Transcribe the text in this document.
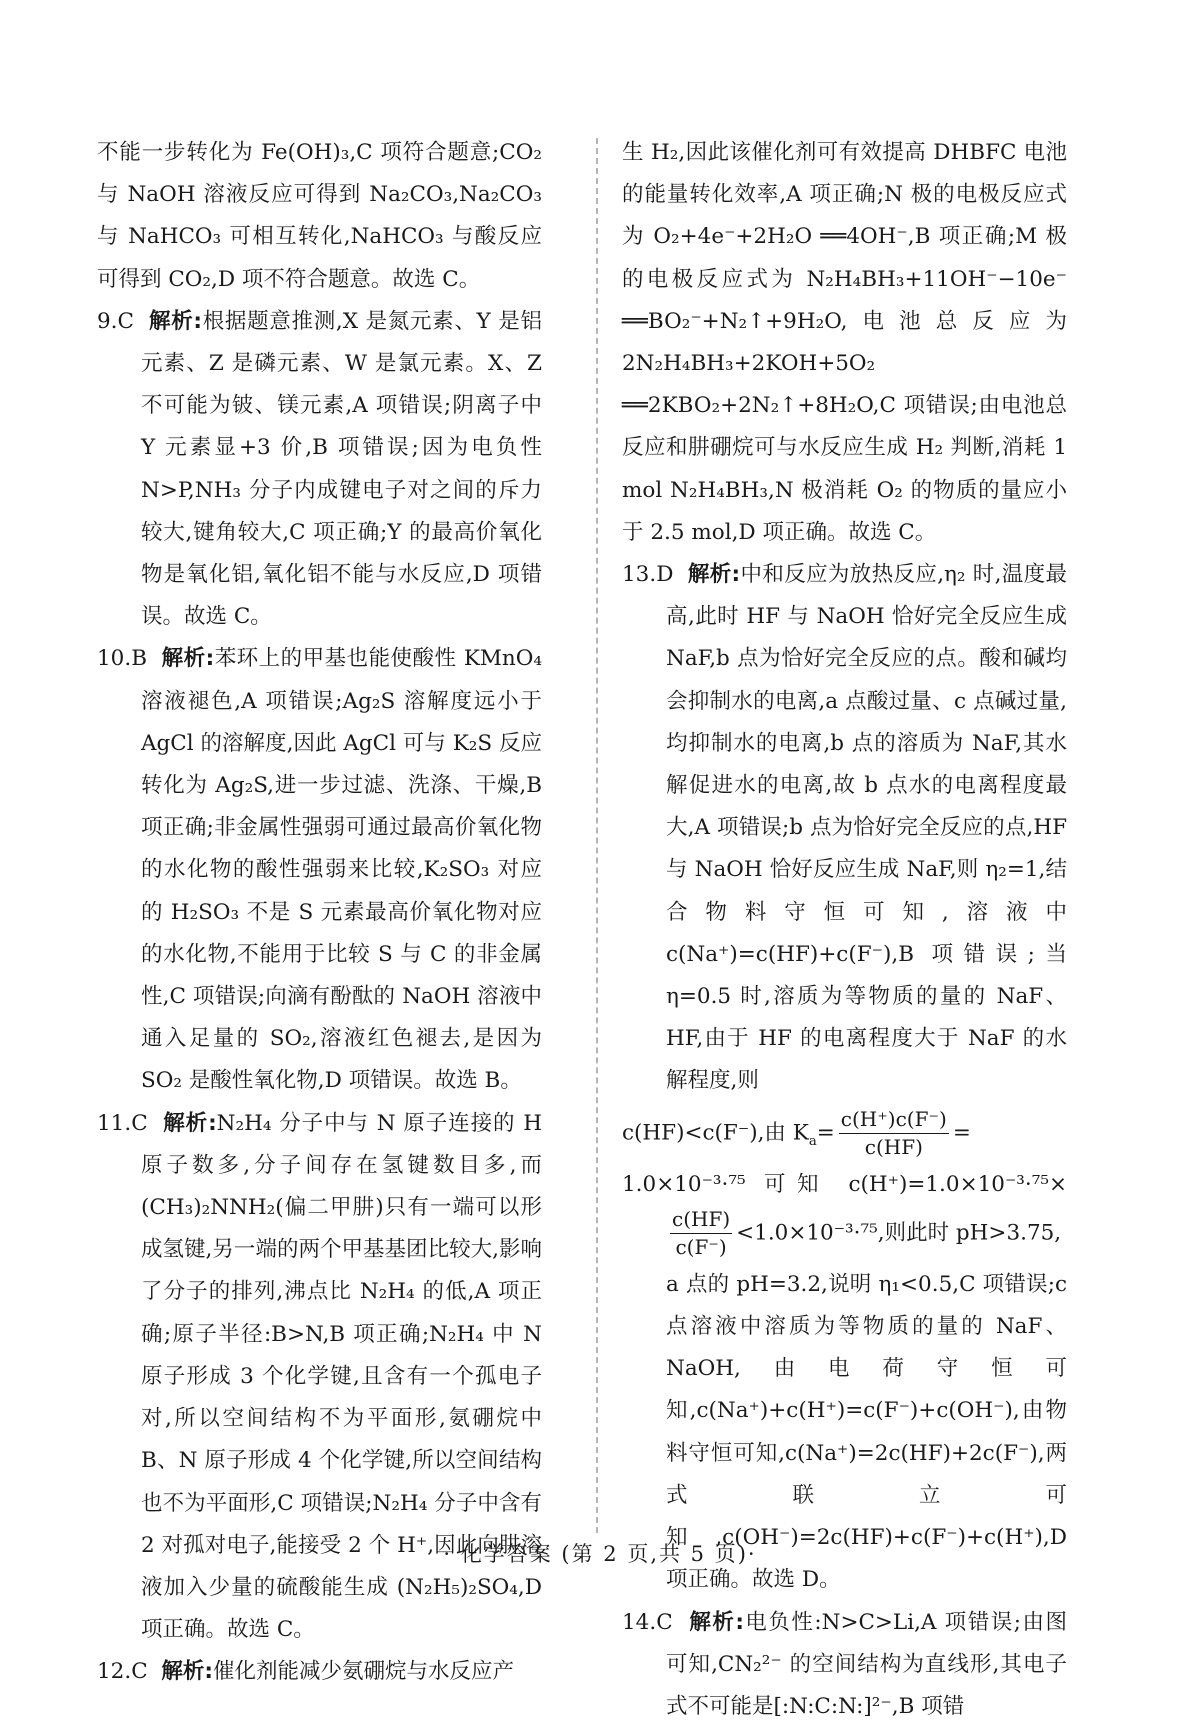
不能一步转化为 Fe(OH)₃,C 项符合题意;CO₂ 与 NaOH 溶液反应可得到 Na₂CO₃,Na₂CO₃ 与 NaHCO₃ 可相互转化,NaHCO₃ 与酸反应可得到 CO₂,D 项不符合题意。故选 C。

9.C 解析:根据题意推测,X 是氮元素、Y 是铝元素、Z 是磷元素、W 是氯元素。X、Z 不可能为铍、镁元素,A 项错误;阴离子中 Y 元素显+3 价,B 项错误;因为电负性 N>P,NH₃ 分子内成键电子对之间的斥力较大,键角较大,C 项正确;Y 的最高价氧化物是氧化铝,氧化铝不能与水反应,D 项错误。故选 C。

10.B 解析:苯环上的甲基也能使酸性 KMnO₄ 溶液褪色,A 项错误;Ag₂S 溶解度远小于 AgCl 的溶解度,因此 AgCl 可与 K₂S 反应转化为 Ag₂S,进一步过滤、洗涤、干燥,B 项正确;非金属性强弱可通过最高价氧化物的水化物的酸性强弱来比较,K₂SO₃ 对应的 H₂SO₃ 不是 S 元素最高价氧化物对应的水化物,不能用于比较 S 与 C 的非金属性,C 项错误;向滴有酚酞的 NaOH 溶液中通入足量的 SO₂,溶液红色褪去,是因为 SO₂ 是酸性氧化物,D 项错误。故选 B。

11.C 解析:N₂H₄ 分子中与 N 原子连接的 H 原子数多,分子间存在氢键数目多,而 (CH₃)₂NNH₂(偏二甲肼)只有一端可以形成氢键,另一端的两个甲基基团比较大,影响了分子的排列,沸点比 N₂H₄ 的低,A 项正确;原子半径:B>N,B 项正确;N₂H₄ 中 N 原子形成 3 个化学键,且含有一个孤电子对,所以空间结构不为平面形,氨硼烷中 B、N 原子形成 4 个化学键,所以空间结构也不为平面形,C 项错误;N₂H₄ 分子中含有 2 对孤对电子,能接受 2 个 H⁺,因此向肼溶液加入少量的硫酸能生成 (N₂H₅)₂SO₄,D 项正确。故选 C。

12.C 解析:催化剂能减少氨硼烷与水反应产

生 H₂,因此该催化剂可有效提高 DHBFC 电池的能量转化效率,A 项正确;N 极的电极反应式为 O₂+4e⁻+2H₂O ══4OH⁻,B 项正确;M 极的电极反应式为 N₂H₄BH₃+11OH⁻−10e⁻ ══BO₂⁻+N₂↑+9H₂O,电池总反应为 2N₂H₄BH₃+2KOH+5O₂ ══2KBO₂+2N₂↑+8H₂O,C 项错误;由电池总反应和肼硼烷可与水反应生成 H₂ 判断,消耗 1 mol N₂H₄BH₃,N 极消耗 O₂ 的物质的量应小于 2.5 mol,D 项正确。故选 C。

13.D 解析:中和反应为放热反应,η₂ 时,温度最高,此时 HF 与 NaOH 恰好完全反应生成 NaF,b 点为恰好完全反应的点。酸和碱均会抑制水的电离,a 点酸过量、c 点碱过量,均抑制水的电离,b 点的溶质为 NaF,其水解促进水的电离,故 b 点水的电离程度最大,A 项错误;b 点为恰好完全反应的点,HF 与 NaOH 恰好反应生成 NaF,则 η₂=1,结合物料守恒可知,溶液中 c(Na⁺)=c(HF)+c(F⁻),B 项错误;当 η=0.5 时,溶质为等物质的量的 NaF、HF,由于 HF 的电离程度大于 NaF 的水解程度,则
c(HF)<c(F⁻),由 $K_a= \frac{c(H^+)c(F^-)}{c(HF)}$ =
1.0×10⁻³·⁷⁵ 可知 c(H⁺)=1.0×10⁻³·⁷⁵×
$\frac{c(HF)}{c(F^-)} <1.0\times 10^{-3}\cdot^{75}$,则此时 pH>3.75,
a 点的 pH=3.2,说明 η₁<0.5,C 项错误;c 点溶液中溶质为等物质的量的 NaF、NaOH,由电荷守恒可知,c(Na⁺)+c(H⁺)=c(F⁻)+c(OH⁻),由物料守恒可知,c(Na⁺)=2c(HF)+2c(F⁻),两式联立可知,c(OH⁻)=2c(HF)+c(F⁻)+c(H⁺),D 项正确。故选 D。

14.C 解析:电负性:N>C>Li,A 项错误;由图可知,CN₂²⁻ 的空间结构为直线形,其电子式不可能是[:N:C:N:]²⁻,B 项错

· 化学答案 (第 2 页,共 5 页)·
